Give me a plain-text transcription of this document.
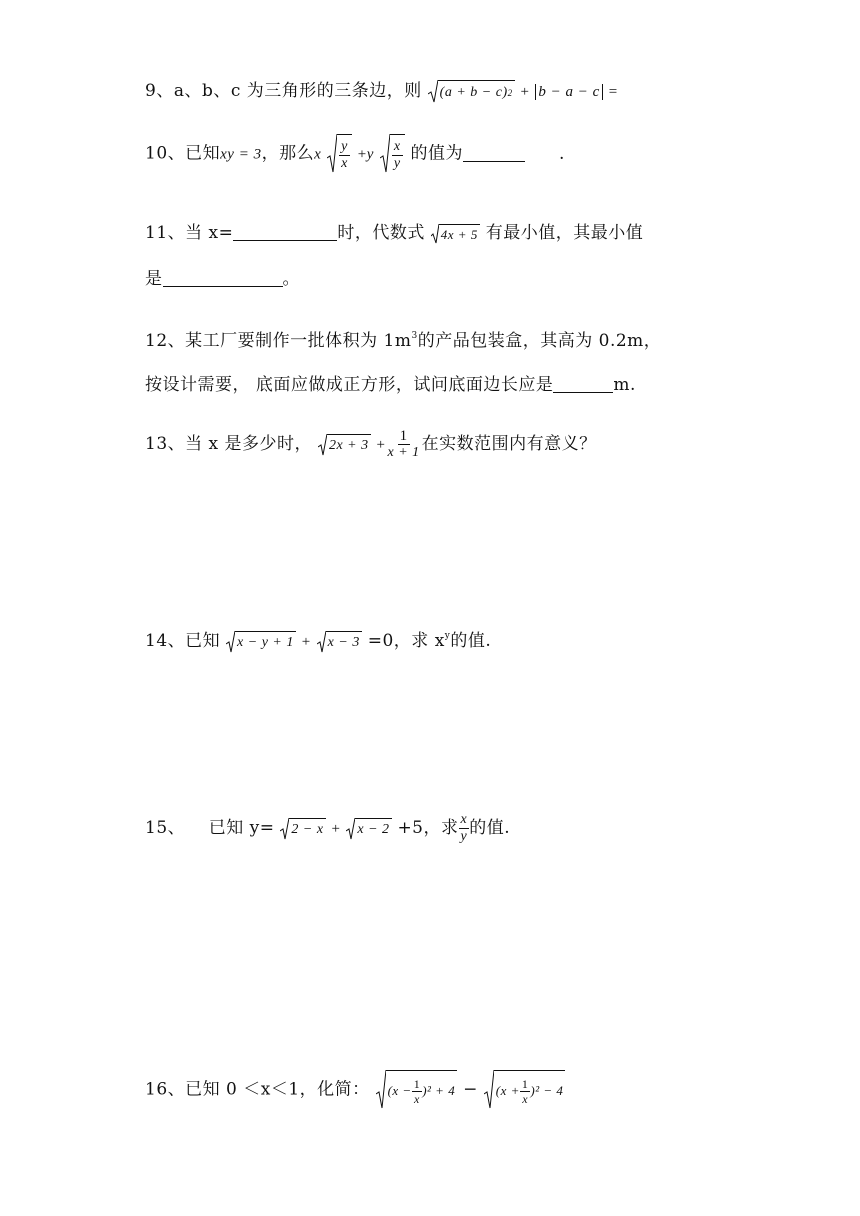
9、a、b、c 为三角形的三条边，则 (a + b − c) 2 + b − a − c =
10、已知xy = 3，那么x $\frac{y}{x} +y \frac{x}{y}$ 的值为	.
11、当 x=	时，代数式 4x + 5 有最小值，其最小值
是	。
12、某工厂要制作一批体积为 $1m^3$的产品包装盒，其高为 0.2m，
按设计需要， 底面应做成正方形，试问底面边长应是	m.
13、当 x 是多少时， $2x + 3 + \frac{1}{x + 1}$ 在实数范围内有意义？
14、已知 x − y + 1 + x − 3 =0，求 $x^y$的值.
15、    已知 y= 2 − x + x − 2 +5，求 $\frac{x}{y}$ 的值.
16、已知 0 ＜x＜1，化简： $(x - \frac{1}{x} )^2 + 4 - (x + \frac{1}{x} )^2 - 4$
